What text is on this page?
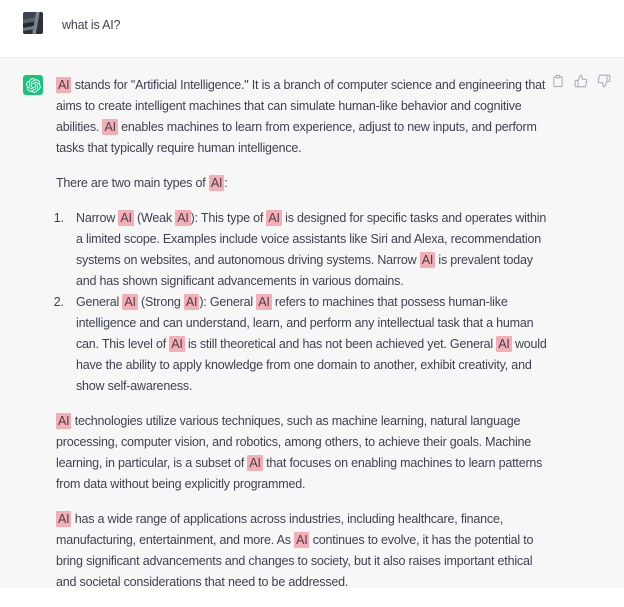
what is AI?

AI stands for "Artificial Intelligence." It is a branch of computer science and engineering that aims to create intelligent machines that can simulate human-like behavior and cognitive abilities. AI enables machines to learn from experience, adjust to new inputs, and perform tasks that typically require human intelligence.

There are two main types of AI :

1. Narrow AI (Weak AI ): This type of AI is designed for specific tasks and operates within a limited scope. Examples include voice assistants like Siri and Alexa, recommendation systems on websites, and autonomous driving systems. Narrow AI is prevalent today and has shown significant advancements in various domains.
2. General AI (Strong AI ): General AI refers to machines that possess human-like intelligence and can understand, learn, and perform any intellectual task that a human can. This level of AI is still theoretical and has not been achieved yet. General AI would have the ability to apply knowledge from one domain to another, exhibit creativity, and show self-awareness.

AI technologies utilize various techniques, such as machine learning, natural language processing, computer vision, and robotics, among others, to achieve their goals. Machine learning, in particular, is a subset of AI that focuses on enabling machines to learn patterns from data without being explicitly programmed.

AI has a wide range of applications across industries, including healthcare, finance, manufacturing, entertainment, and more. As AI continues to evolve, it has the potential to bring significant advancements and changes to society, but it also raises important ethical and societal considerations that need to be addressed.
